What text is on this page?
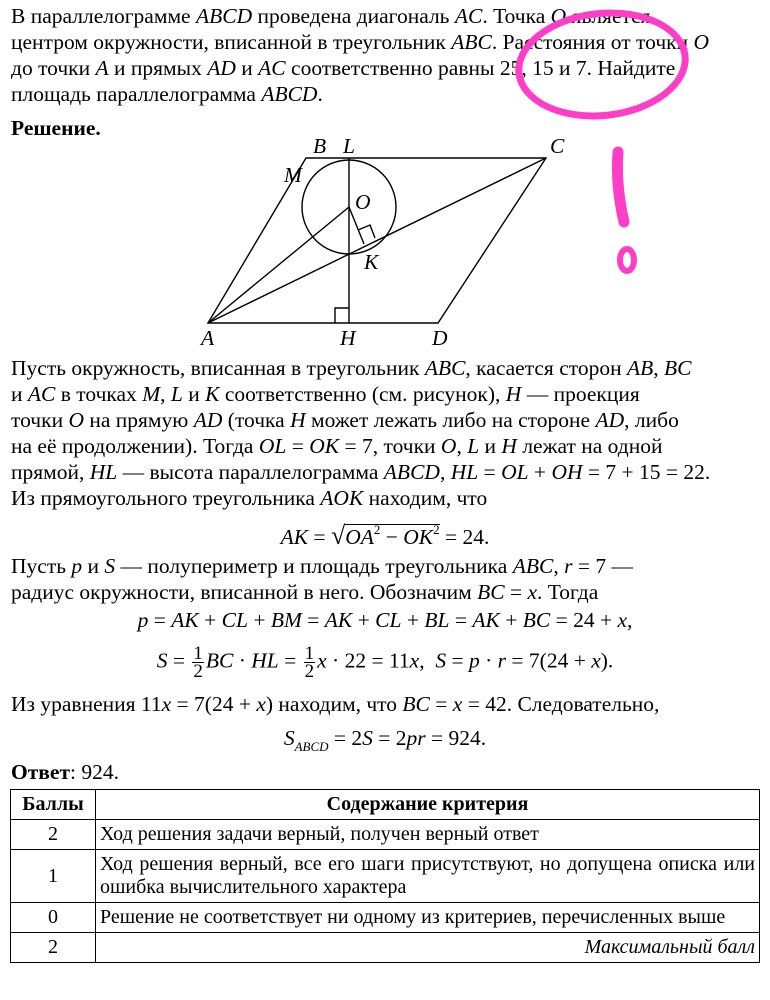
В параллелограмме ABCD проведена диагональ AC. Точка O является
центром окружности, вписанной в треугольник ABC. Расстояния от точки O
до точки A и прямых AD и AC соответственно равны 25, 15 и 7. Найдите
площадь параллелограмма ABCD.
Решение.
B L	C
M
O
K
A	H	D
Пусть окружность, вписанная в треугольник ABC, касается сторон AB, BC
и AC в точках M, L и K соответственно (см. рисунок), H — проекция
точки O на прямую AD (точка H может лежать либо на стороне AD, либо
на её продолжении). Тогда OL = OK = 7, точки O, L и H лежат на одной
прямой, HL — высота параллелограмма ABCD, HL = OL + OH = 7 + 15 = 22.
Из прямоугольного треугольника AOK находим, что
AK = $√OA^2 - OK^2 = 24$.
Пусть p и S — полупериметр и площадь треугольника ABC, r = 7 —
радиус окружности, вписанной в него. Обозначим BC = x. Тогда
p = AK + CL + BM = AK + CL + BL = AK + BC = 24 + x,
$S = \frac{1}{2}$ BC · HL = $\frac{1}{2}$ x · 22 = 11x,  S = p · r = 7(24 + x).
Из уравнения 11x = 7(24 + x) находим, что BC = x = 42. Следовательно,
$S_{ABCD} = 2S = 2pr = 924$.
Ответ: 924.
Баллы	Содержание критерия
2	Ход решения задачи верный, получен верный ответ
1	Ход решения верный, все его шаги присутствуют, но допущена описка или ошибка вычислительного характера
0	Решение не соответствует ни одному из критериев, перечисленных выше
2	Максимальный балл
